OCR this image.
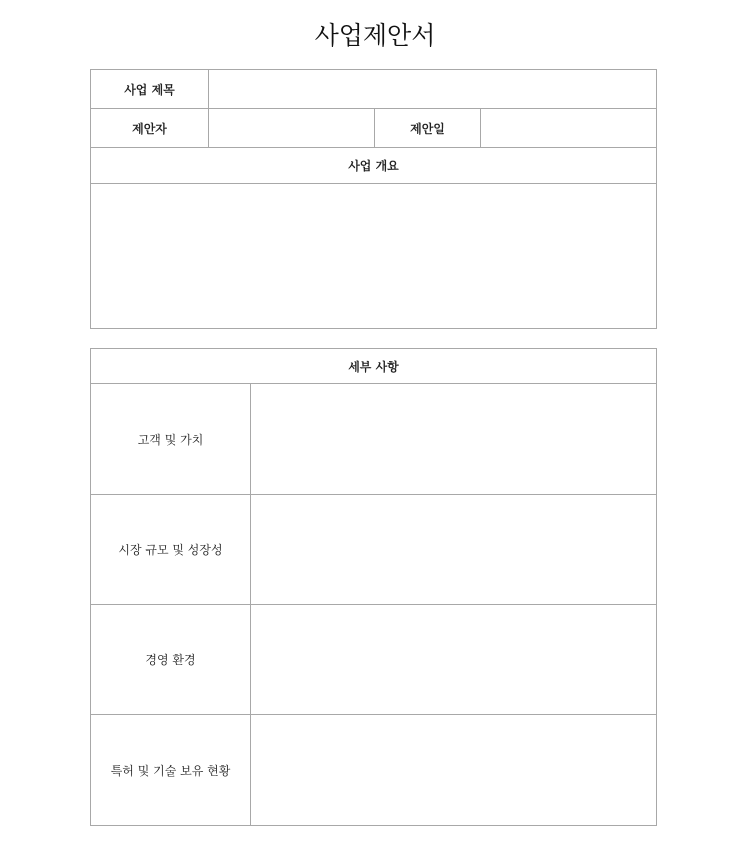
사업제안서
사업 제목
제안자	제안일
사업 개요
세부 사항
고객 및 가치
시장 규모 및 성장성
경영 환경
특허 및 기술 보유 현황
